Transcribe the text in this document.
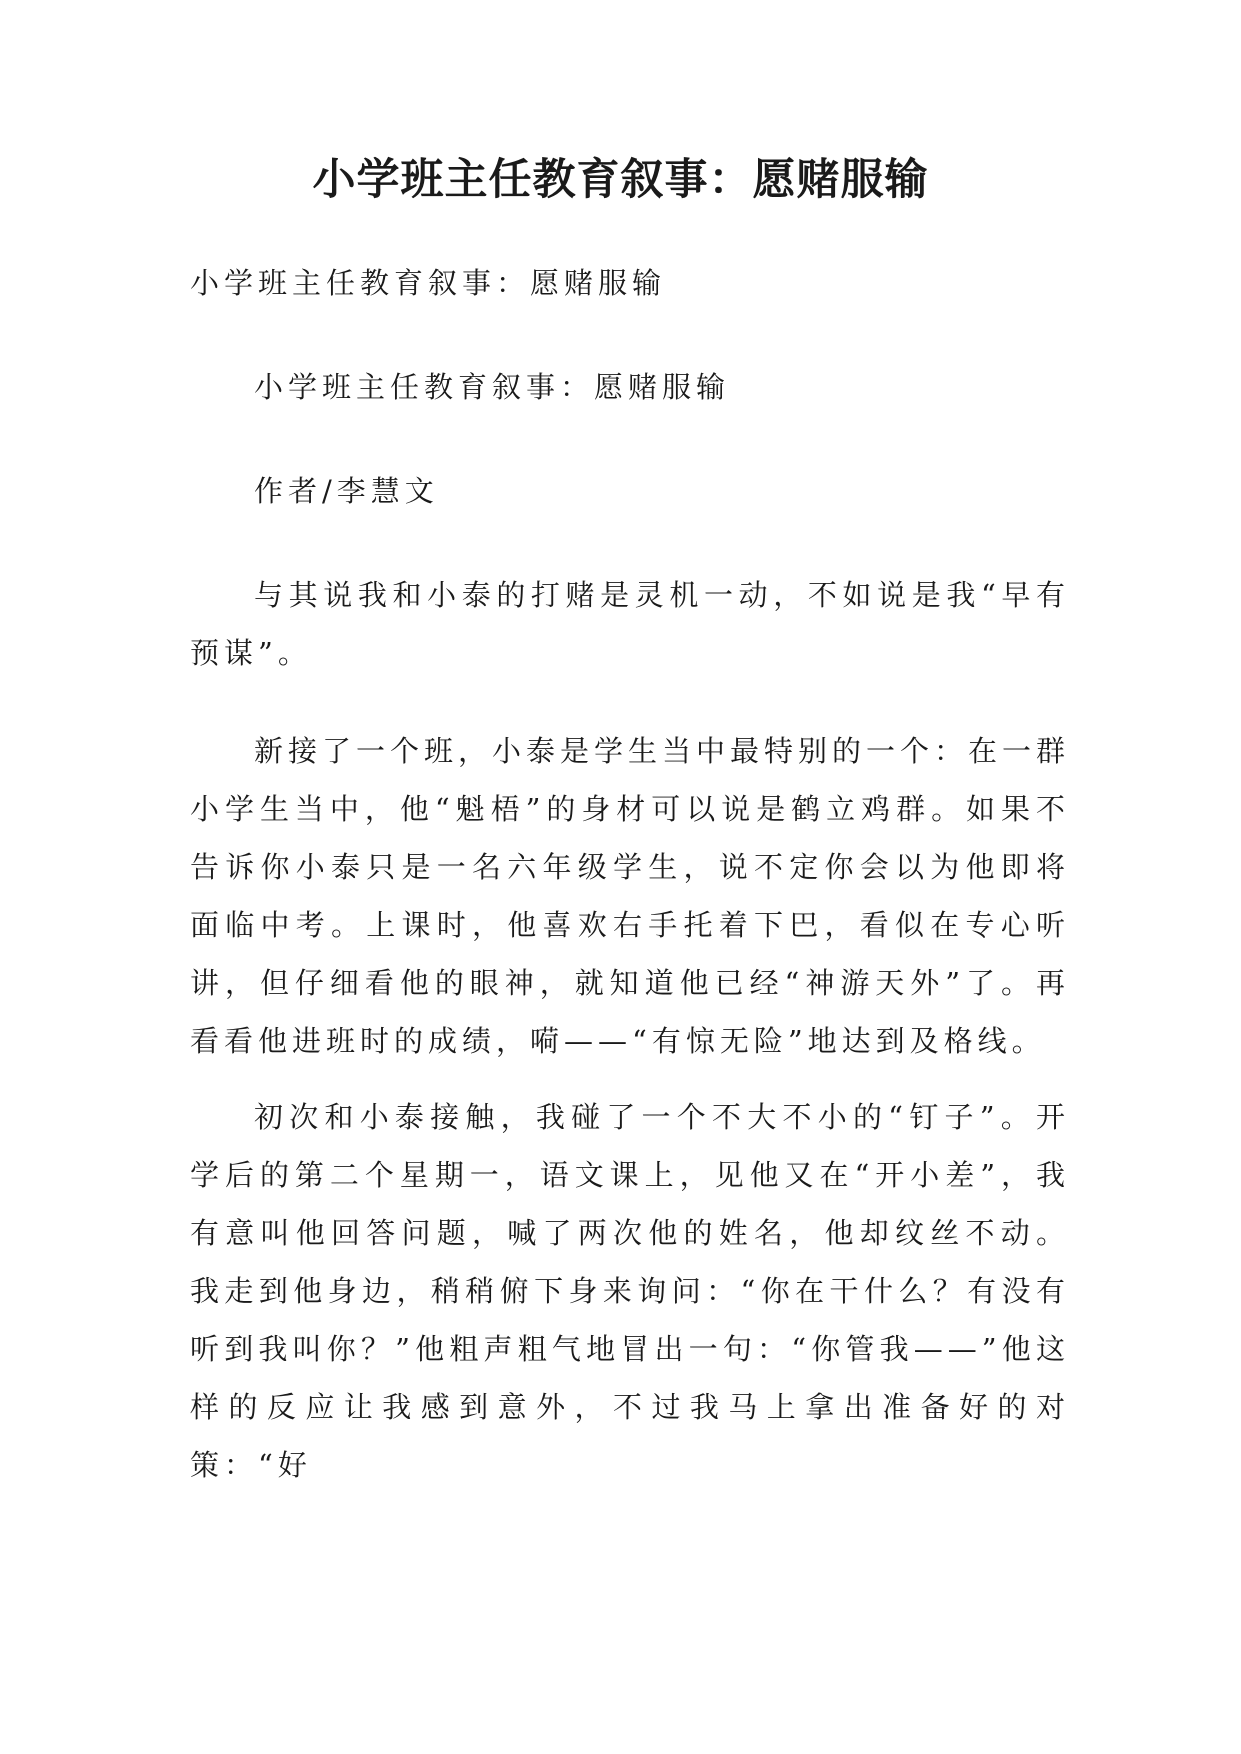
小学班主任教育叙事：愿赌服输

小学班主任教育叙事：愿赌服输

小学班主任教育叙事：愿赌服输

作者/李慧文

与其说我和小泰的打赌是灵机一动，不如说是我“早有预谋”。

新接了一个班，小泰是学生当中最特别的一个：在一群小学生当中，他“魁梧”的身材可以说是鹤立鸡群。如果不告诉你小泰只是一名六年级学生，说不定你会以为他即将面临中考。上课时，他喜欢右手托着下巴，看似在专心听讲，但仔细看他的眼神，就知道他已经“神游天外”了。再看看他进班时的成绩，嗬——“有惊无险”地达到及格线。

初次和小泰接触，我碰了一个不大不小的“钉子”。开学后的第二个星期一，语文课上，见他又在“开小差”，我有意叫他回答问题，喊了两次他的姓名，他却纹丝不动。我走到他身边，稍稍俯下身来询问：“你在干什么？有没有听到我叫你？”他粗声粗气地冒出一句：“你管我——”他这样的反应让我感到意外，不过我马上拿出准备好的对策：“好
